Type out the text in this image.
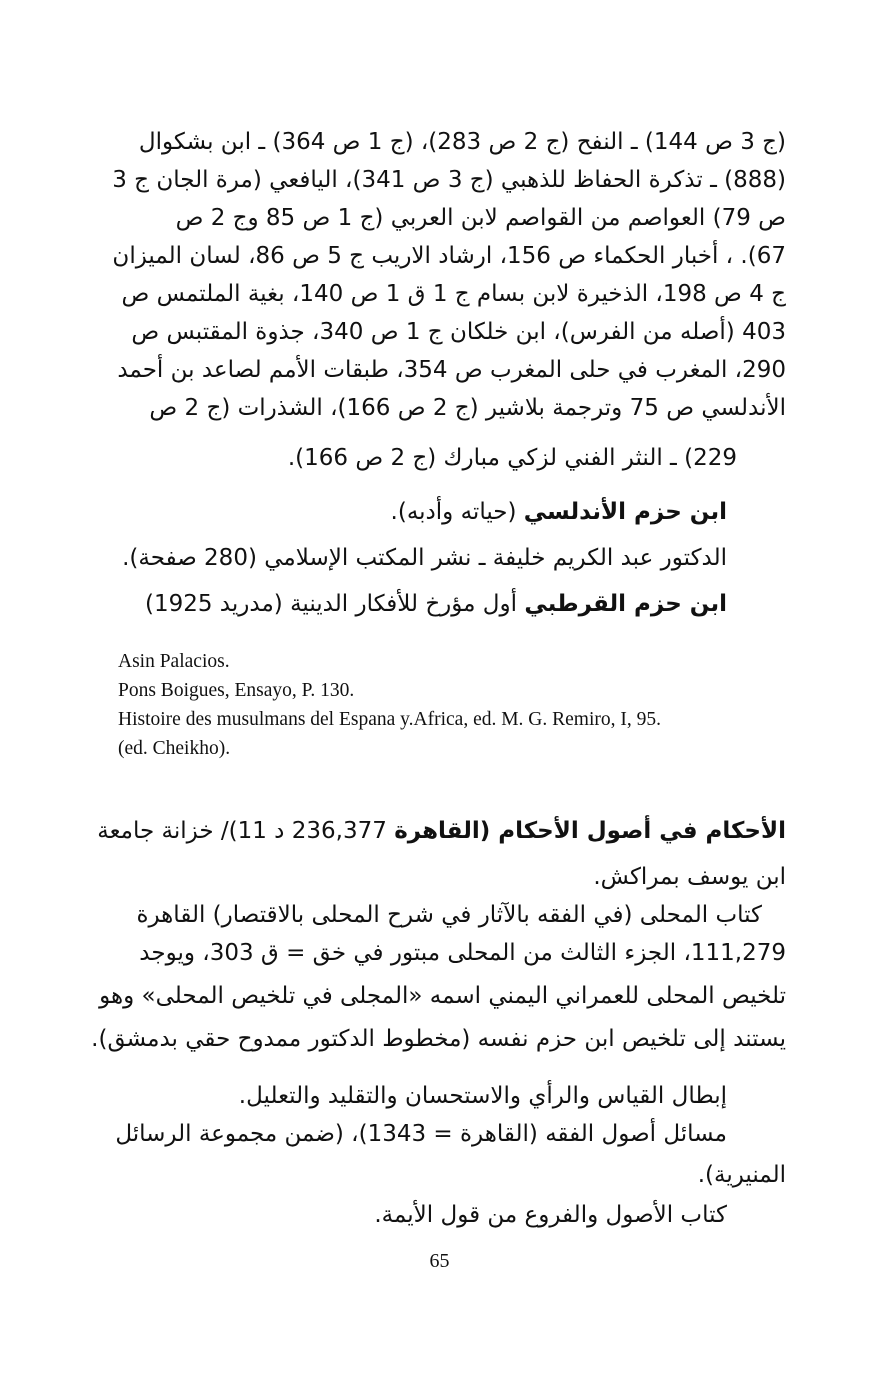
(ج 3 ص 144) ـ النفح (ج 2 ص 283)، (ج 1 ص 364) ـ ابن بشكوال
(888) ـ تذكرة الحفاظ للذهبي (ج 3 ص 341)، اليافعي (مرة الجان ج 3
ص 79) العواصم من القواصم لابن العربي (ج 1 ص 85 وج 2 ص
67). ، أخبار الحكماء ص 156، ارشاد الاريب ج 5 ص 86، لسان الميزان
ج 4 ص 198، الذخيرة لابن بسام ج 1 ق 1 ص 140، بغية الملتمس ص
403 (أصله من الفرس)، ابن خلكان ج 1 ص 340، جذوة المقتبس ص
290، المغرب في حلى المغرب ص 354، طبقات الأمم لصاعد بن أحمد
الأندلسي ص 75 وترجمة بلاشير (ج 2 ص 166)، الشذرات (ج 2 ص
229) ـ النثر الفني لزكي مبارك (ج 2 ص 166).
ابن حزم الأندلسي (حياته وأدبه).
الدكتور عبد الكريم خليفة ـ نشر المكتب الإسلامي (280 صفحة).
ابن حزم القرطبي أول مؤرخ للأفكار الدينية (مدريد 1925)
Asin Palacios.
Pons Boigues, Ensayo, P. 130.
Histoire des musulmans del Espana y.Africa, ed. M. G. Remiro, I, 95.
(ed. Cheikho).
الأحكام في أصول الأحكام (القاهرة 236,377 د 11)/ خزانة جامعة
ابن يوسف بمراكش.
كتاب المحلى (في الفقه بالآثار في شرح المحلى بالاقتصار) القاهرة
111,279، الجزء الثالث من المحلى مبتور في خق = ق 303، ويوجد
تلخيص المحلى للعمراني اليمني اسمه «المجلى في تلخيص المحلى» وهو
يستند إلى تلخيص ابن حزم نفسه (مخطوط الدكتور ممدوح حقي بدمشق).
إبطال القياس والرأي والاستحسان والتقليد والتعليل.
مسائل أصول الفقه (القاهرة = 1343)، (ضمن مجموعة الرسائل
المنيرية).
كتاب الأصول والفروع من قول الأيمة.
65
